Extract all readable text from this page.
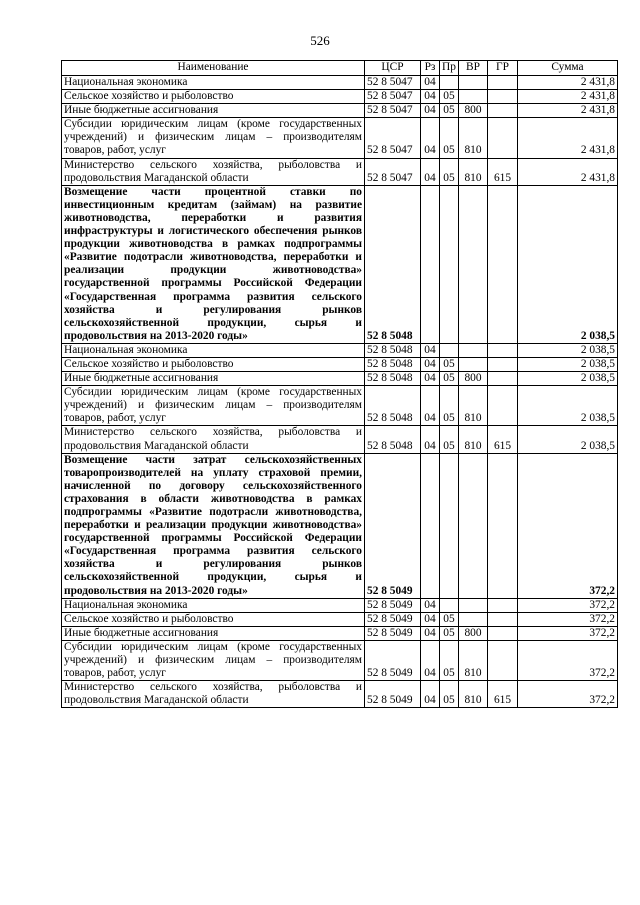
526
Наименование	ЦСР	Рз	Пр	ВР	ГР	Сумма
Национальная экономика	52 8 5047	04				2 431,8
Сельское хозяйство и рыболовство	52 8 5047	04	05			2 431,8
Иные бюджетные ассигнования	52 8 5047	04	05	800		2 431,8
Субсидии юридическим лицам (кроме государственных учреждений) и физическим лицам – производителям товаров, работ, услуг	52 8 5047	04	05	810		2 431,8
Министерство сельского хозяйства, рыболовства и продовольствия Магаданской области	52 8 5047	04	05	810	615	2 431,8
Возмещение части процентной ставки по инвестиционным кредитам (займам) на развитие животноводства, переработки и развития инфраструктуры и логистического обеспечения рынков продукции животноводства в рамках подпрограммы «Развитие подотрасли животноводства, переработки и реализации продукции животноводства» государственной программы Российской Федерации «Государственная программа развития сельского хозяйства и регулирования рынков сельскохозяйственной продукции, сырья и продовольствия на 2013-2020 годы»	52 8 5048					2 038,5
Национальная экономика	52 8 5048	04				2 038,5
Сельское хозяйство и рыболовство	52 8 5048	04	05			2 038,5
Иные бюджетные ассигнования	52 8 5048	04	05	800		2 038,5
Субсидии юридическим лицам (кроме государственных учреждений) и физическим лицам – производителям товаров, работ, услуг	52 8 5048	04	05	810		2 038,5
Министерство сельского хозяйства, рыболовства и продовольствия Магаданской области	52 8 5048	04	05	810	615	2 038,5
Возмещение части затрат сельскохозяйственных товаропроизводителей на уплату страховой премии, начисленной по договору сельскохозяйственного страхования в области животноводства в рамках подпрограммы «Развитие подотрасли животноводства, переработки и реализации продукции животноводства» государственной программы Российской Федерации «Государственная программа развития сельского хозяйства и регулирования рынков сельскохозяйственной продукции, сырья и продовольствия на 2013-2020 годы»	52 8 5049					372,2
Национальная экономика	52 8 5049	04				372,2
Сельское хозяйство и рыболовство	52 8 5049	04	05			372,2
Иные бюджетные ассигнования	52 8 5049	04	05	800		372,2
Субсидии юридическим лицам (кроме государственных учреждений) и физическим лицам – производителям товаров, работ, услуг	52 8 5049	04	05	810		372,2
Министерство сельского хозяйства, рыболовства и продовольствия Магаданской области	52 8 5049	04	05	810	615	372,2
